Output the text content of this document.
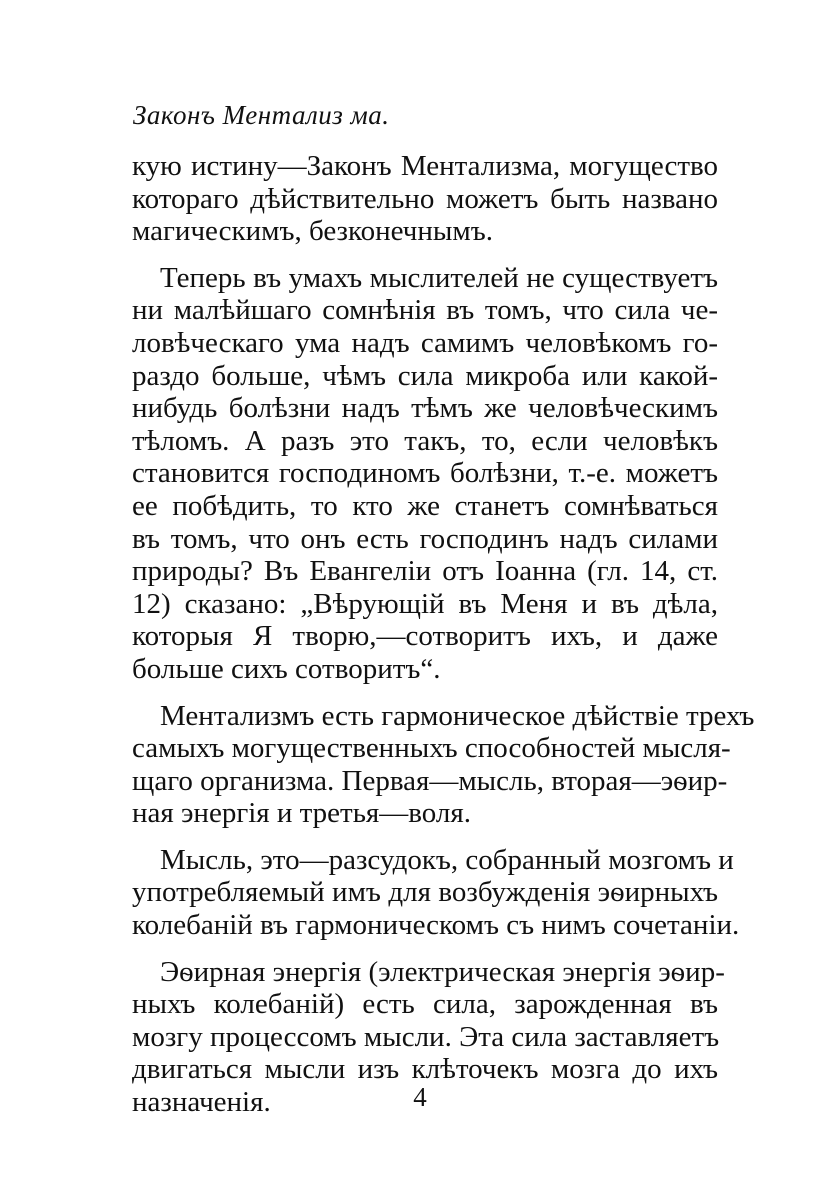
Законъ Ментализ ма.
кую истину—Законъ Ментализма, могущество
котораго дѣйствительно можетъ быть названо
магическимъ, безконечнымъ.
Теперь въ умахъ мыслителей не существуетъ
ни малѣйшаго сомнѣнія въ томъ, что сила че-
ловѣческаго ума надъ самимъ человѣкомъ го-
раздо больше, чѣмъ сила микроба или какой-
нибудь болѣзни надъ тѣмъ же человѣческимъ
тѣломъ. А разъ это такъ, то, если человѣкъ
становится господиномъ болѣзни, т.-е. можетъ
ее побѣдить, то кто же станетъ сомнѣваться
въ томъ, что онъ есть господинъ надъ силами
природы? Въ Евангеліи отъ Іоанна (гл. 14, ст.
12) сказано: „Вѣрующій въ Меня и въ дѣла,
которыя Я творю,—сотворитъ ихъ, и даже
больше сихъ сотворитъ“.
Ментализмъ есть гармоническое дѣйствіе трехъ
самыхъ могущественныхъ способностей мысля-
щаго организма. Первая—мысль, вторая—эѳир-
ная энергія и третья—воля.
Мысль, это—разсудокъ, собранный мозгомъ и
употребляемый имъ для возбужденія эѳирныхъ
колебаній въ гармоническомъ съ нимъ сочетаніи.
Эѳирная энергія (электрическая энергія эѳир-
ныхъ колебаній) есть сила, зарожденная въ
мозгу процессомъ мысли. Эта сила заставляетъ
двигаться мысли изъ клѣточекъ мозга до ихъ
назначенія.	4
